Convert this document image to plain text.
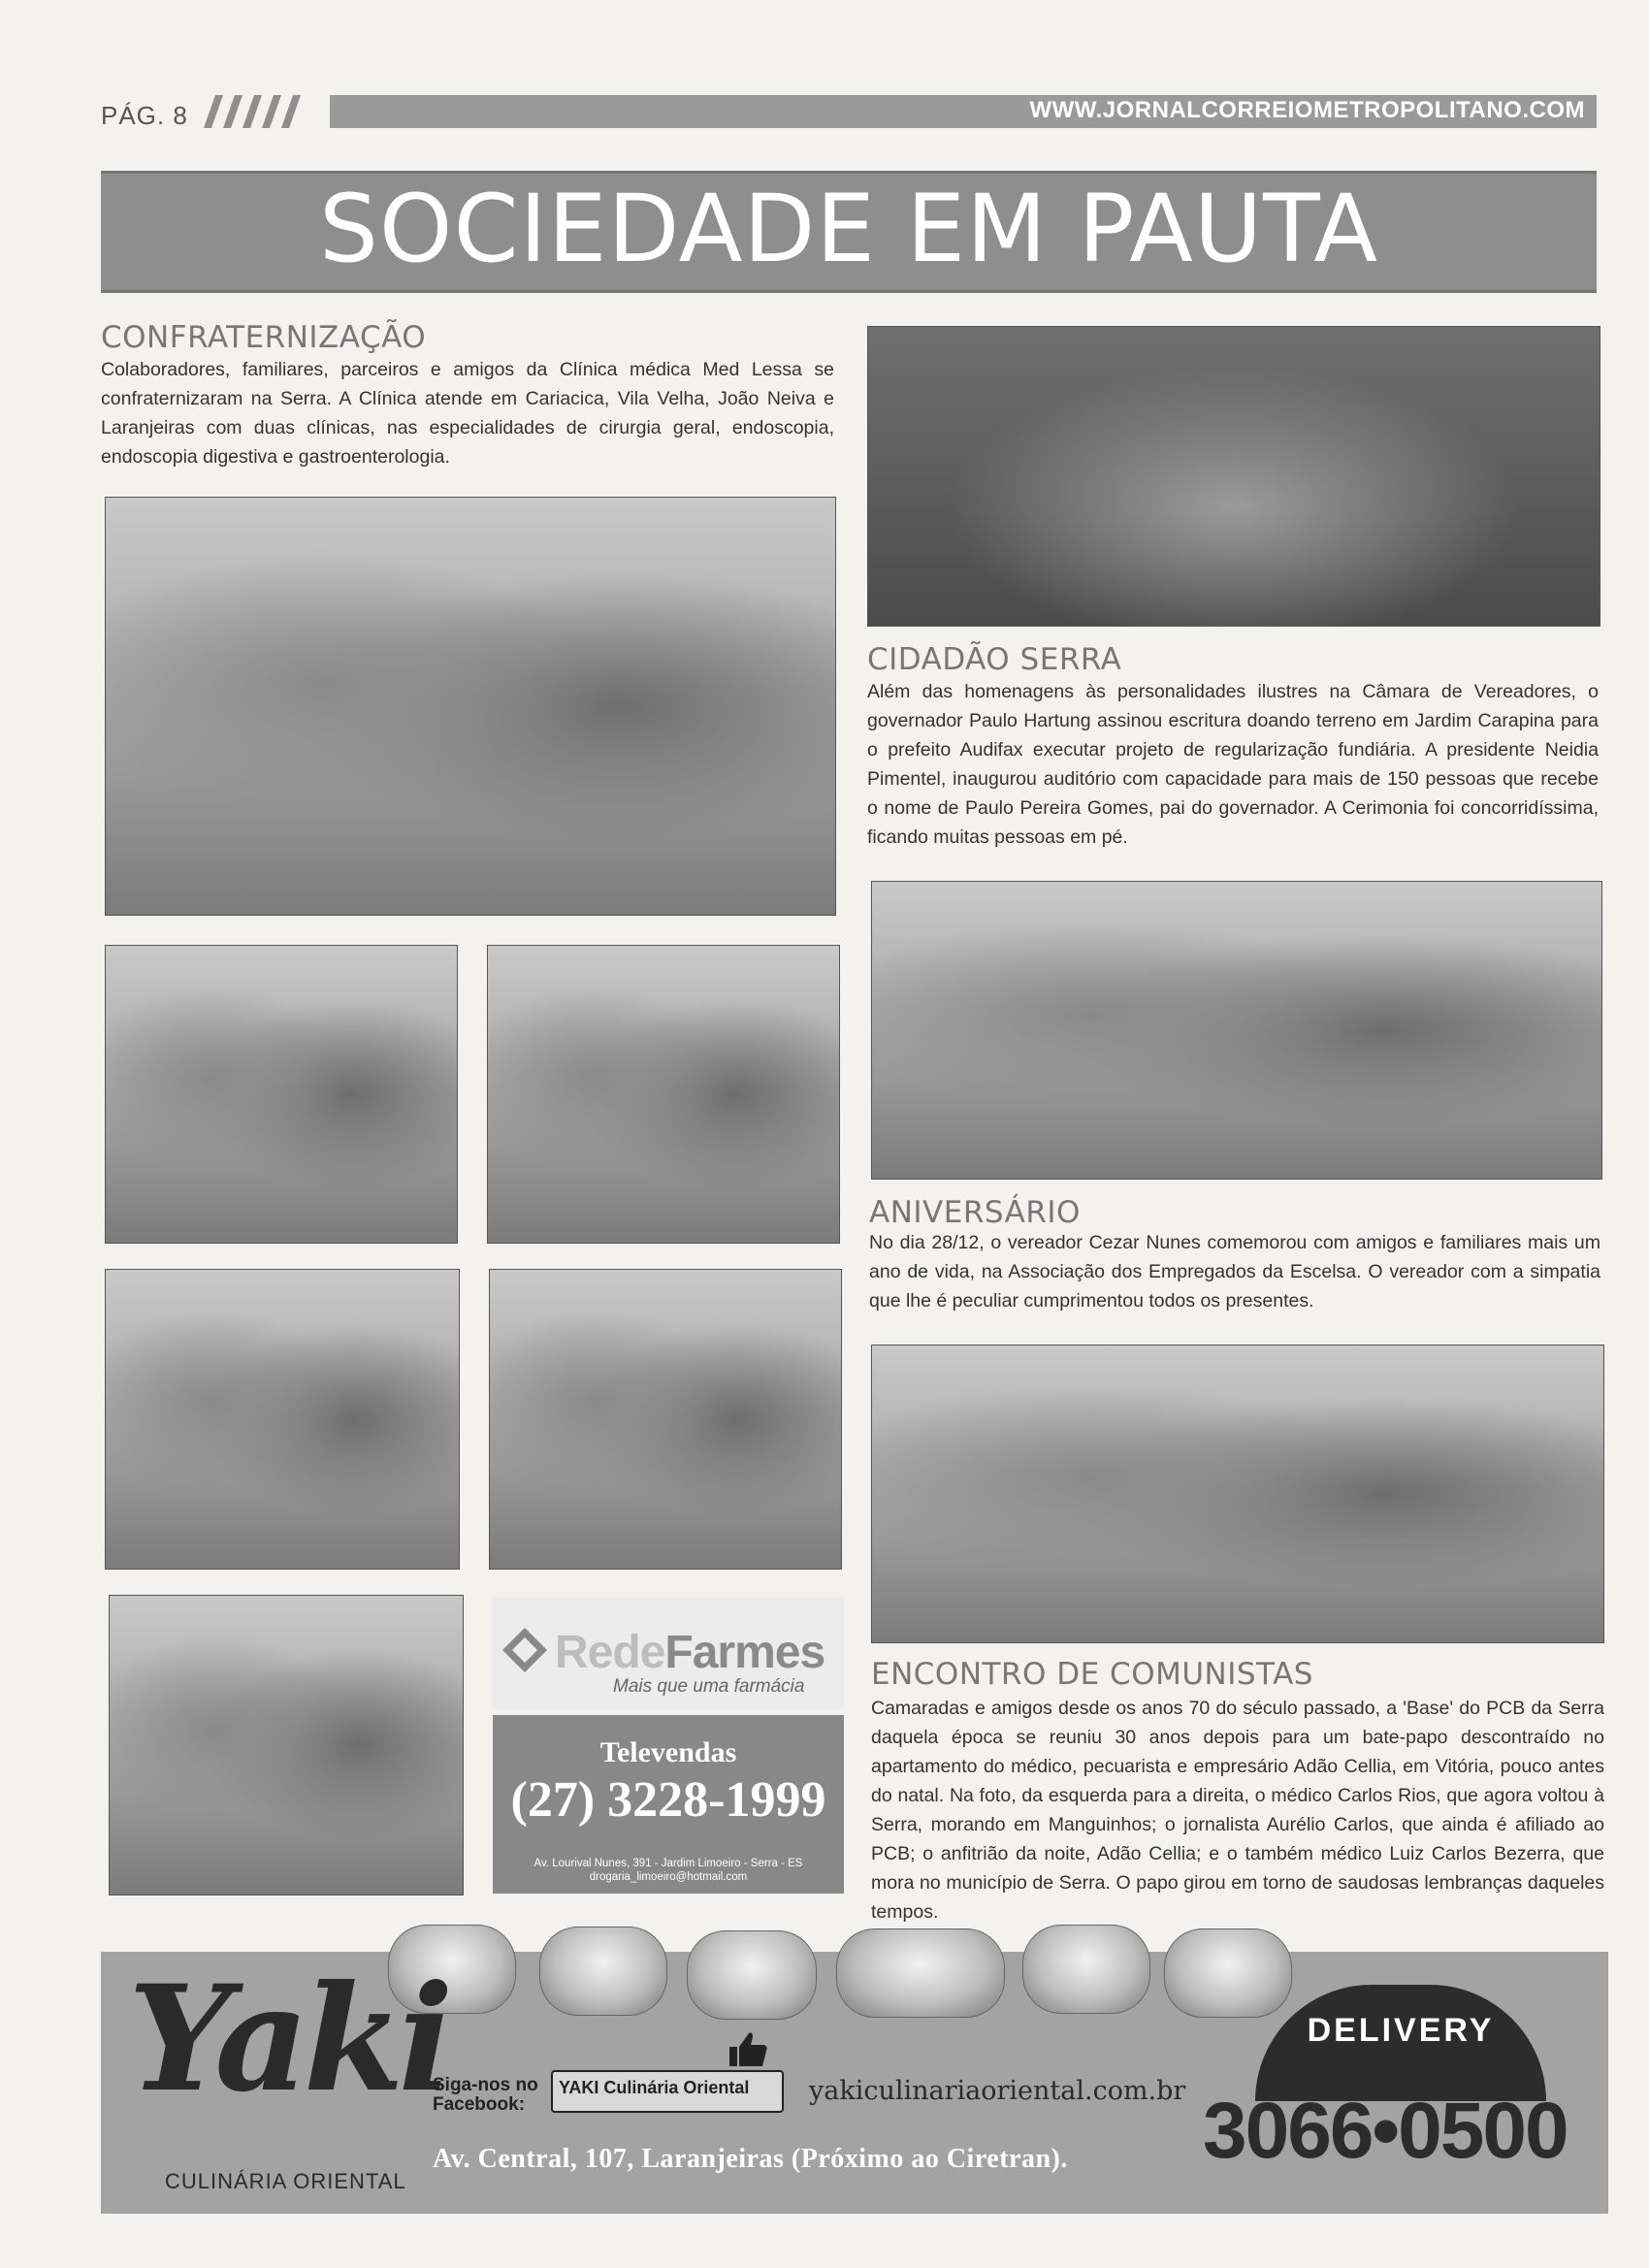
PÁG. 8	WWW.JORNALCORREIOMETROPOLITANO.COM
SOCIEDADE EM PAUTA
CONFRATERNIZAÇÃO
Colaboradores, familiares, parceiros e amigos da Clínica médica Med Lessa se confraternizaram na Serra. A Clínica atende em Cariacica, Vila Velha, João Neiva e Laranjeiras com duas clínicas, nas especialidades de cirurgia geral, endoscopia, endoscopia digestiva e gastroenterologia.
RedeFarmes
Mais que uma farmácia
Televendas
(27) 3228-1999
Av. Lourival Nunes, 391 - Jardim Limoeiro - Serra - ES
drogaria_limoeiro@hotmail.com
CIDADÃO SERRA
Além das homenagens às personalidades ilustres na Câmara de Vereadores, o governador Paulo Hartung assinou escritura doando terreno em Jardim Carapina para o prefeito Audifax executar projeto de regularização fundiária. A presidente Neidia Pimentel, inaugurou auditório com capacidade para mais de 150 pessoas que recebe o nome de Paulo Pereira Gomes, pai do governador. A Cerimonia foi concorridíssima, ficando muitas pessoas em pé.
ANIVERSÁRIO
No dia 28/12, o vereador Cezar Nunes comemorou com amigos e familiares mais um ano de vida, na Associação dos Empregados da Escelsa. O vereador com a simpatia que lhe é peculiar cumprimentou todos os presentes.
ENCONTRO DE COMUNISTAS
Camaradas e amigos desde os anos 70 do século passado, a 'Base' do PCB da Serra daquela época se reuniu 30 anos depois para um bate-papo descontraído no apartamento do médico, pecuarista e empresário Adão Cellia, em Vitória, pouco antes do natal. Na foto, da esquerda para a direita, o médico Carlos Rios, que agora voltou à Serra, morando em Manguinhos; o jornalista Aurélio Carlos, que ainda é afiliado ao PCB; o anfitrião da noite, Adão Cellia; e o também médico Luiz Carlos Bezerra, que mora no município de Serra. O papo girou em torno de saudosas lembranças daqueles tempos.
Yaki
CULINÁRIA ORIENTAL
Siga-nos no
Facebook:
YAKI Culinária Oriental yakiculinariaoriental.com.br
Av. Central, 107, Laranjeiras (Próximo ao Ciretran).
DELIVERY
3066•0500
